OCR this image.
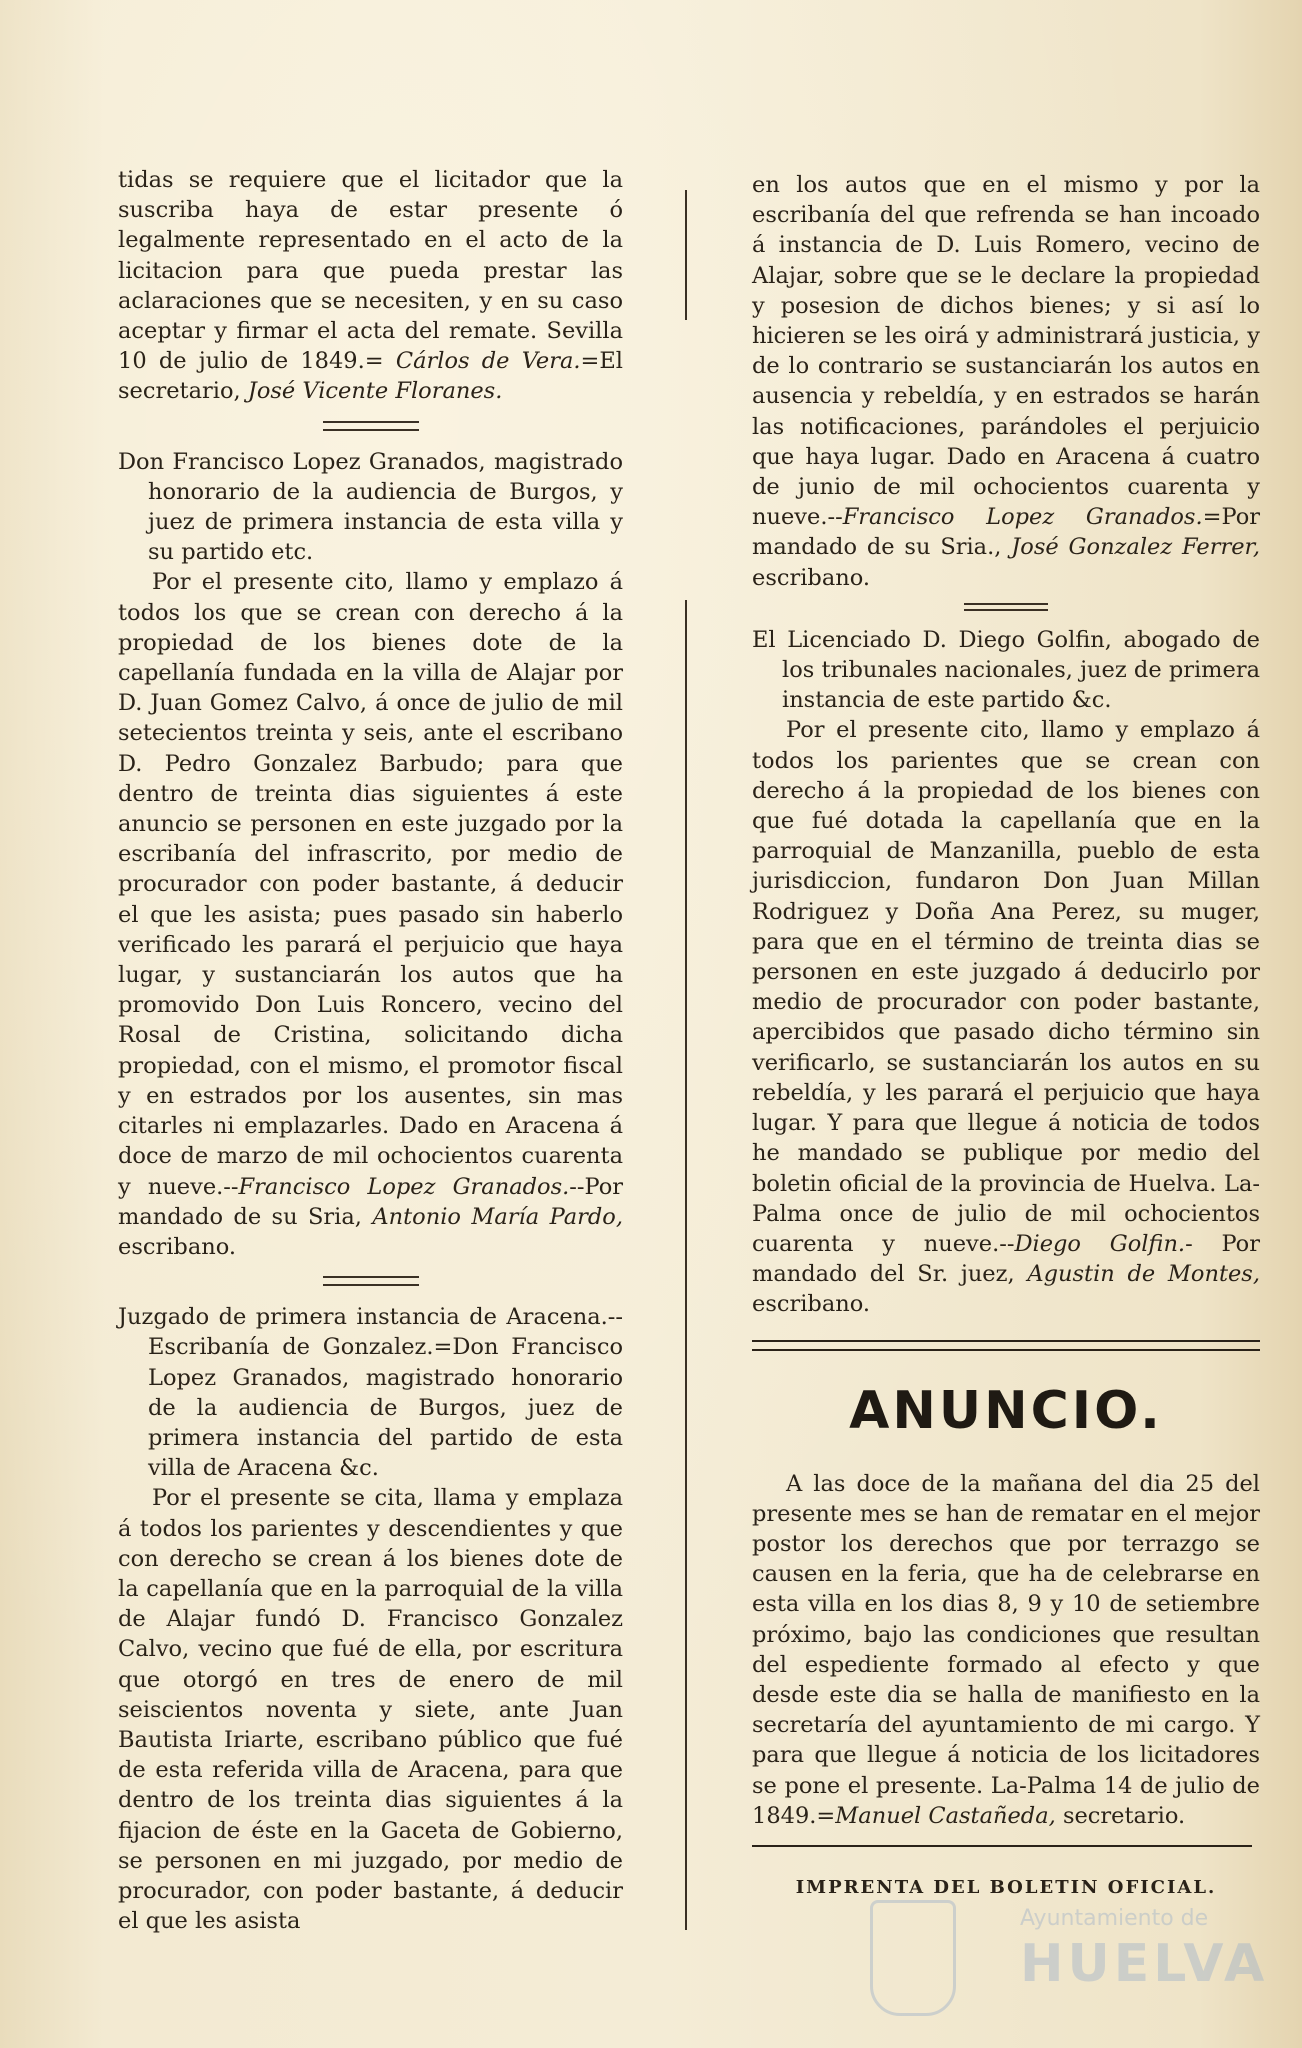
tidas se requiere que el licitador que la suscriba haya de estar presente ó legalmente representado en el acto de la licitacion para que pueda prestar las aclaraciones que se necesiten, y en su caso aceptar y firmar el acta del remate. Sevilla 10 de julio de 1849.= Cárlos de Vera.=El secretario, José Vicente Floranes.

Don Francisco Lopez Granados, magistrado honorario de la audiencia de Burgos, y juez de primera instancia de esta villa y su partido etc.

Por el presente cito, llamo y emplazo á todos los que se crean con derecho á la propiedad de los bienes dote de la capellanía fundada en la villa de Alajar por D. Juan Gomez Calvo, á once de julio de mil setecientos treinta y seis, ante el escribano D. Pedro Gonzalez Barbudo; para que dentro de treinta dias siguientes á este anuncio se personen en este juzgado por la escribanía del infrascrito, por medio de procurador con poder bastante, á deducir el que les asista; pues pasado sin haberlo verificado les parará el perjuicio que haya lugar, y sustanciarán los autos que ha promovido Don Luis Roncero, vecino del Rosal de Cristina, solicitando dicha propiedad, con el mismo, el promotor fiscal y en estrados por los ausentes, sin mas citarles ni emplazarles. Dado en Aracena á doce de marzo de mil ochocientos cuarenta y nueve.--Francisco Lopez Granados.--Por mandado de su Sria, Antonio María Pardo, escribano.

Juzgado de primera instancia de Aracena.--Escribanía de Gonzalez.=Don Francisco Lopez Granados, magistrado honorario de la audiencia de Burgos, juez de primera instancia del partido de esta villa de Aracena &c.

Por el presente se cita, llama y emplaza á todos los parientes y descendientes y que con derecho se crean á los bienes dote de la capellanía que en la parroquial de la villa de Alajar fundó D. Francisco Gonzalez Calvo, vecino que fué de ella, por escritura que otorgó en tres de enero de mil seiscientos noventa y siete, ante Juan Bautista Iriarte, escribano público que fué de esta referida villa de Aracena, para que dentro de los treinta dias siguientes á la fijacion de éste en la Gaceta de Gobierno, se personen en mi juzgado, por medio de procurador, con poder bastante, á deducir el que les asista

en los autos que en el mismo y por la escribanía del que refrenda se han incoado á instancia de D. Luis Romero, vecino de Alajar, sobre que se le declare la propiedad y posesion de dichos bienes; y si así lo hicieren se les oirá y administrará justicia, y de lo contrario se sustanciarán los autos en ausencia y rebeldía, y en estrados se harán las notificaciones, parándoles el perjuicio que haya lugar. Dado en Aracena á cuatro de junio de mil ochocientos cuarenta y nueve.--Francisco Lopez Granados.=Por mandado de su Sria., José Gonzalez Ferrer, escribano.

El Licenciado D. Diego Golfin, abogado de los tribunales nacionales, juez de primera instancia de este partido &c.

Por el presente cito, llamo y emplazo á todos los parientes que se crean con derecho á la propiedad de los bienes con que fué dotada la capellanía que en la parroquial de Manzanilla, pueblo de esta jurisdiccion, fundaron Don Juan Millan Rodriguez y Doña Ana Perez, su muger, para que en el término de treinta dias se personen en este juzgado á deducirlo por medio de procurador con poder bastante, apercibidos que pasado dicho término sin verificarlo, se sustanciarán los autos en su rebeldía, y les parará el perjuicio que haya lugar. Y para que llegue á noticia de todos he mandado se publique por medio del boletin oficial de la provincia de Huelva. La-Palma once de julio de mil ochocientos cuarenta y nueve.--Diego Golfin.- Por mandado del Sr. juez, Agustin de Montes, escribano.

ANUNCIO.

A las doce de la mañana del dia 25 del presente mes se han de rematar en el mejor postor los derechos que por terrazgo se causen en la feria, que ha de celebrarse en esta villa en los dias 8, 9 y 10 de setiembre próximo, bajo las condiciones que resultan del espediente formado al efecto y que desde este dia se halla de manifiesto en la secretaría del ayuntamiento de mi cargo. Y para que llegue á noticia de los licitadores se pone el presente. La-Palma 14 de julio de 1849.=Manuel Castañeda, secretario.

IMPRENTA DEL BOLETIN OFICIAL.
Ayuntamiento de
HUELVA
